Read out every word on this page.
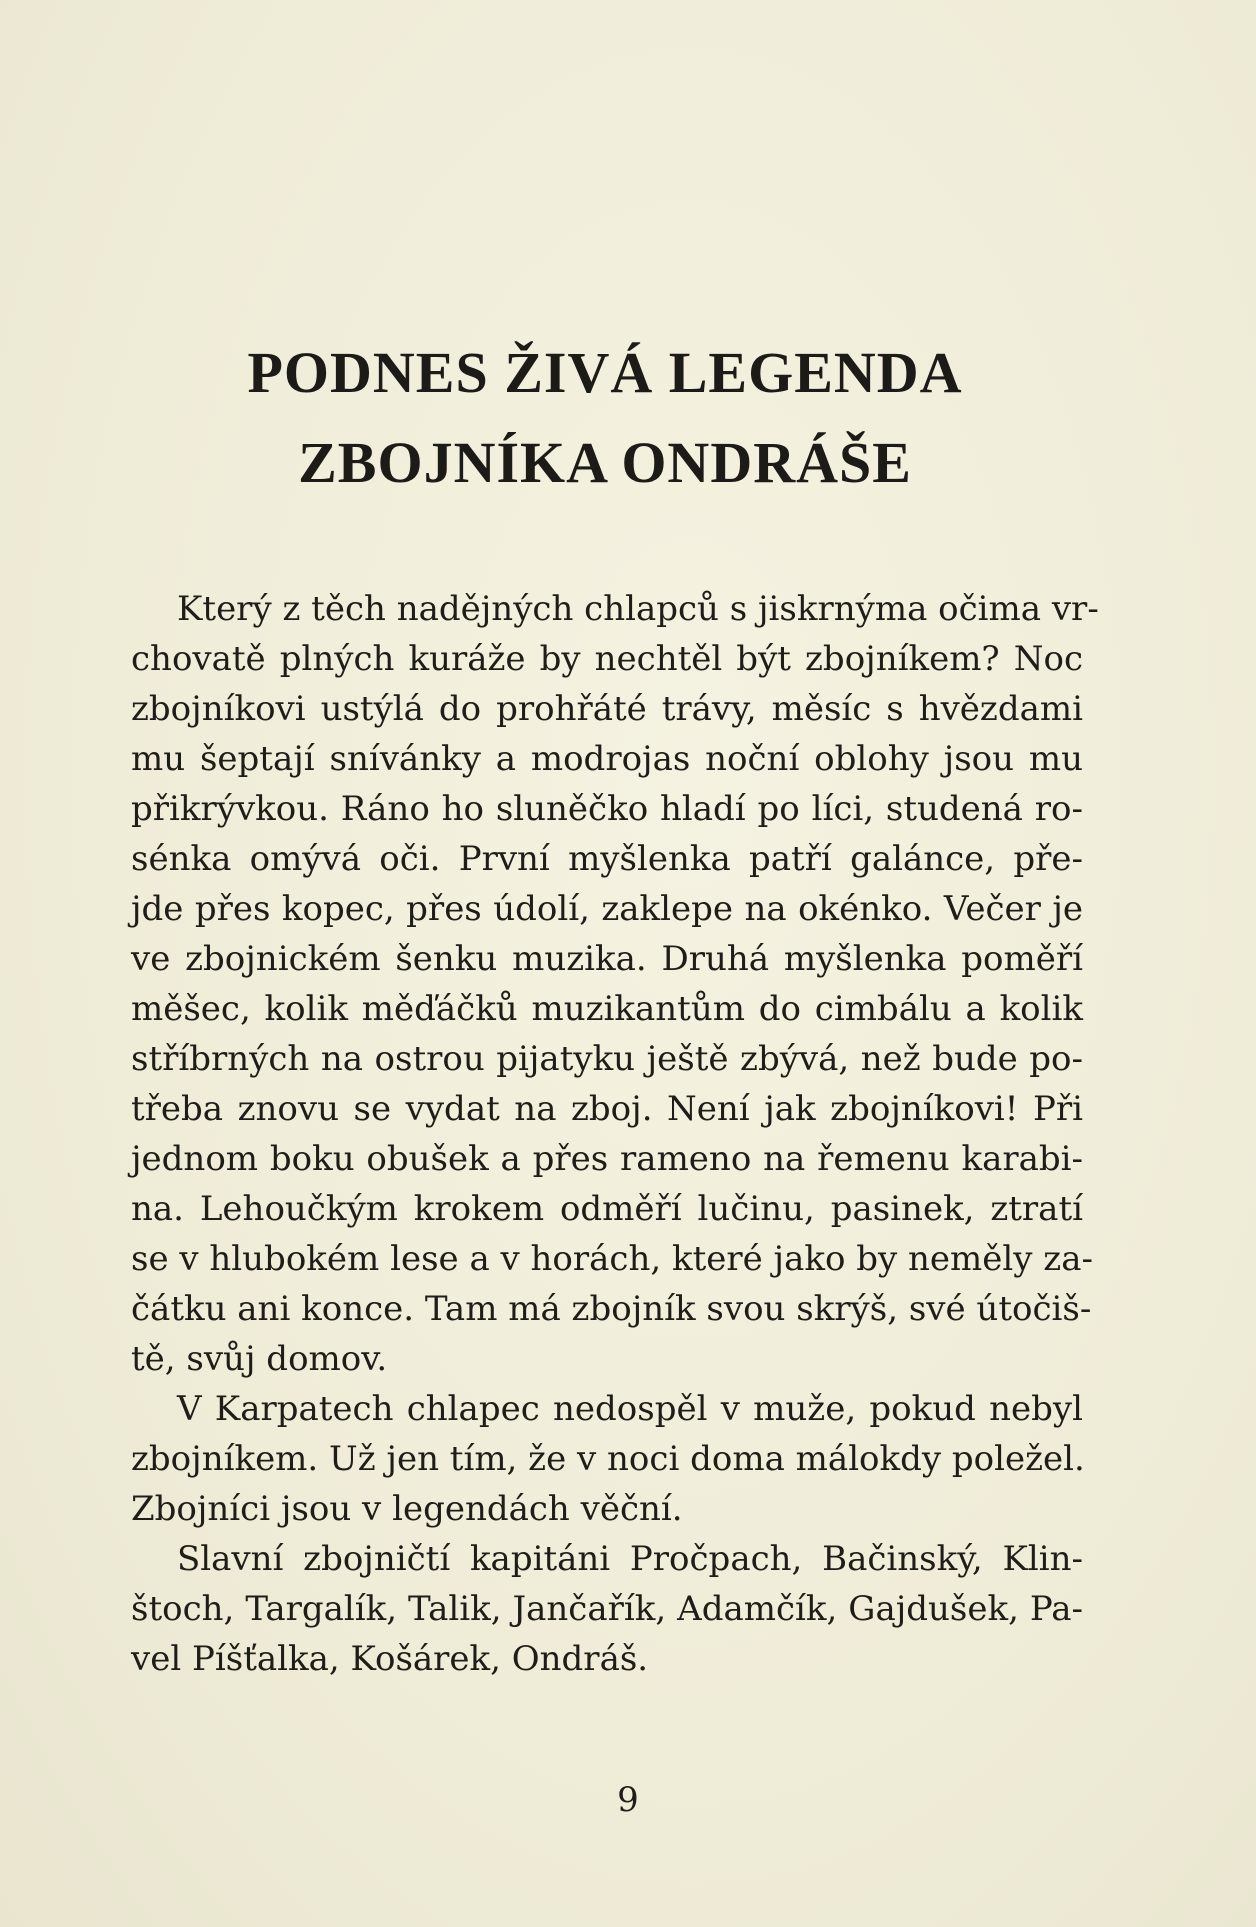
PODNES ŽIVÁ LEGENDA
ZBOJNÍKA ONDRÁŠE
Který z těch nadějných chlapců s jiskrnýma očima vr-
chovatě plných kuráže by nechtěl být zbojníkem? Noc
zbojníkovi ustýlá do prohřáté trávy, měsíc s hvězdami
mu šeptají snívánky a modrojas noční oblohy jsou mu
přikrývkou. Ráno ho sluněčko hladí po líci, studená ro-
sénka omývá oči. První myšlenka patří galánce, pře-
jde přes kopec, přes údolí, zaklepe na okénko. Večer je
ve zbojnickém šenku muzika. Druhá myšlenka poměří
měšec, kolik měďáčků muzikantům do cimbálu a kolik
stříbrných na ostrou pijatyku ještě zbývá, než bude po-
třeba znovu se vydat na zboj. Není jak zbojníkovi! Při
jednom boku obušek a přes rameno na řemenu karabi-
na. Lehoučkým krokem odměří lučinu, pasinek, ztratí
se v hlubokém lese a v horách, které jako by neměly za-
čátku ani konce. Tam má zbojník svou skrýš, své útočiš-
tě, svůj domov.
V Karpatech chlapec nedospěl v muže, pokud nebyl
zbojníkem. Už jen tím, že v noci doma málokdy poležel.
Zbojníci jsou v legendách věční.
Slavní zbojničtí kapitáni Pročpach, Bačinský, Klin-
štoch, Targalík, Talik, Jančařík, Adamčík, Gajdušek, Pa-
vel Píšťalka, Košárek, Ondráš.
9
